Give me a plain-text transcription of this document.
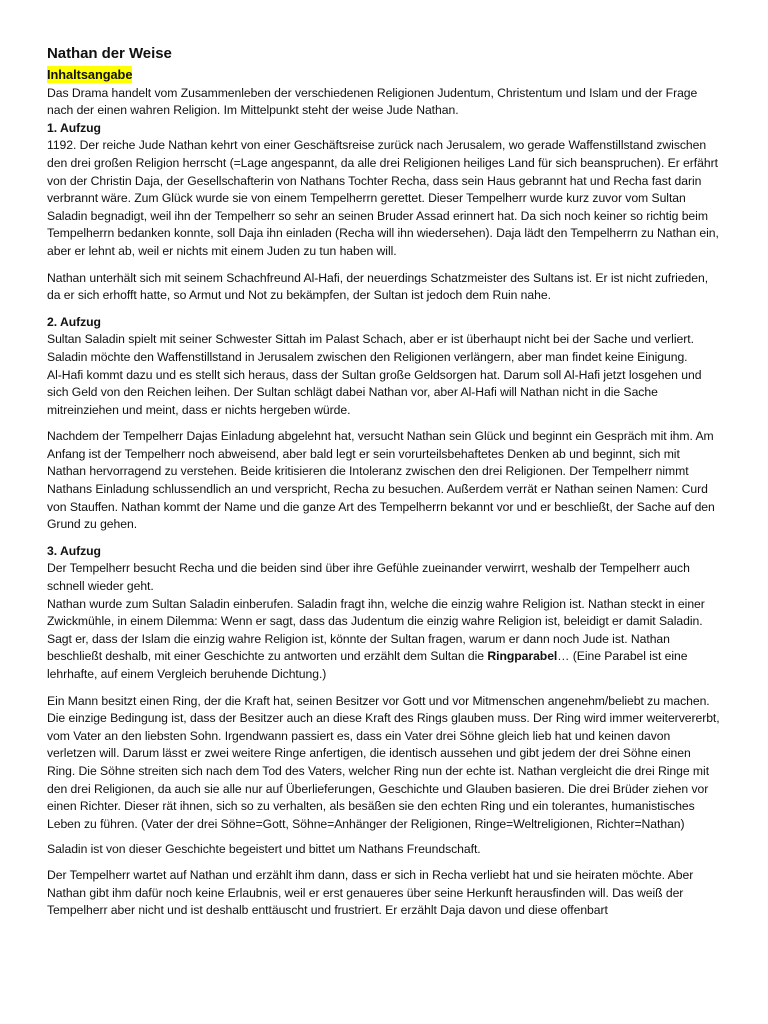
Nathan der Weise
Inhaltsangabe

Das Drama handelt vom Zusammenleben der verschiedenen Religionen Judentum, Christentum und Islam und der Frage nach der einen wahren Religion. Im Mittelpunkt steht der weise Jude Nathan.

1. Aufzug

1192. Der reiche Jude Nathan kehrt von einer Geschäftsreise zurück nach Jerusalem, wo gerade Waffenstillstand zwischen den drei großen Religion herrscht (=Lage angespannt, da alle drei Religionen heiliges Land für sich beanspruchen). Er erfährt von der Christin Daja, der Gesellschafterin von Nathans Tochter Recha, dass sein Haus gebrannt hat und Recha fast darin verbrannt wäre. Zum Glück wurde sie von einem Tempelherrn gerettet. Dieser Tempelherr wurde kurz zuvor vom Sultan Saladin begnadigt, weil ihn der Tempelherr so sehr an seinen Bruder Assad erinnert hat. Da sich noch keiner so richtig beim Tempelherrn bedanken konnte, soll Daja ihn einladen (Recha will ihn wiedersehen). Daja lädt den Tempelherrn zu Nathan ein, aber er lehnt ab, weil er nichts mit einem Juden zu tun haben will.

Nathan unterhält sich mit seinem Schachfreund Al-Hafi, der neuerdings Schatzmeister des Sultans ist. Er ist nicht zufrieden, da er sich erhofft hatte, so Armut und Not zu bekämpfen, der Sultan ist jedoch dem Ruin nahe.

2. Aufzug

Sultan Saladin spielt mit seiner Schwester Sittah im Palast Schach, aber er ist überhaupt nicht bei der Sache und verliert. Saladin möchte den Waffenstillstand in Jerusalem zwischen den Religionen verlängern, aber man findet keine Einigung.

Al-Hafi kommt dazu und es stellt sich heraus, dass der Sultan große Geldsorgen hat. Darum soll Al-Hafi jetzt losgehen und sich Geld von den Reichen leihen. Der Sultan schlägt dabei Nathan vor, aber Al-Hafi will Nathan nicht in die Sache mitreinziehen und meint, dass er nichts hergeben würde.

Nachdem der Tempelherr Dajas Einladung abgelehnt hat, versucht Nathan sein Glück und beginnt ein Gespräch mit ihm. Am Anfang ist der Tempelherr noch abweisend, aber bald legt er sein vorurteilsbehaftetes Denken ab und beginnt, sich mit Nathan hervorragend zu verstehen. Beide kritisieren die Intoleranz zwischen den drei Religionen. Der Tempelherr nimmt Nathans Einladung schlussendlich an und verspricht, Recha zu besuchen. Außerdem verrät er Nathan seinen Namen: Curd von Stauffen. Nathan kommt der Name und die ganze Art des Tempelherrn bekannt vor und er beschließt, der Sache auf den Grund zu gehen.

3. Aufzug

Der Tempelherr besucht Recha und die beiden sind über ihre Gefühle zueinander verwirrt, weshalb der Tempelherr auch schnell wieder geht.

Nathan wurde zum Sultan Saladin einberufen. Saladin fragt ihn, welche die einzig wahre Religion ist. Nathan steckt in einer Zwickmühle, in einem Dilemma: Wenn er sagt, dass das Judentum die einzig wahre Religion ist, beleidigt er damit Saladin. Sagt er, dass der Islam die einzig wahre Religion ist, könnte der Sultan fragen, warum er dann noch Jude ist. Nathan beschließt deshalb, mit einer Geschichte zu antworten und erzählt dem Sultan die Ringparabel… (Eine Parabel ist eine lehrhafte, auf einem Vergleich beruhende Dichtung.)

Ein Mann besitzt einen Ring, der die Kraft hat, seinen Besitzer vor Gott und vor Mitmenschen angenehm/beliebt zu machen. Die einzige Bedingung ist, dass der Besitzer auch an diese Kraft des Rings glauben muss. Der Ring wird immer weitervererbt, vom Vater an den liebsten Sohn. Irgendwann passiert es, dass ein Vater drei Söhne gleich lieb hat und keinen davon verletzen will. Darum lässt er zwei weitere Ringe anfertigen, die identisch aussehen und gibt jedem der drei Söhne einen Ring. Die Söhne streiten sich nach dem Tod des Vaters, welcher Ring nun der echte ist. Nathan vergleicht die drei Ringe mit den drei Religionen, da auch sie alle nur auf Überlieferungen, Geschichte und Glauben basieren. Die drei Brüder ziehen vor einen Richter. Dieser rät ihnen, sich so zu verhalten, als besäßen sie den echten Ring und ein tolerantes, humanistisches Leben zu führen. (Vater der drei Söhne=Gott, Söhne=Anhänger der Religionen, Ringe=Weltreligionen, Richter=Nathan)

Saladin ist von dieser Geschichte begeistert und bittet um Nathans Freundschaft.

Der Tempelherr wartet auf Nathan und erzählt ihm dann, dass er sich in Recha verliebt hat und sie heiraten möchte. Aber Nathan gibt ihm dafür noch keine Erlaubnis, weil er erst genaueres über seine Herkunft herausfinden will. Das weiß der Tempelherr aber nicht und ist deshalb enttäuscht und frustriert. Er erzählt Daja davon und diese offenbart
